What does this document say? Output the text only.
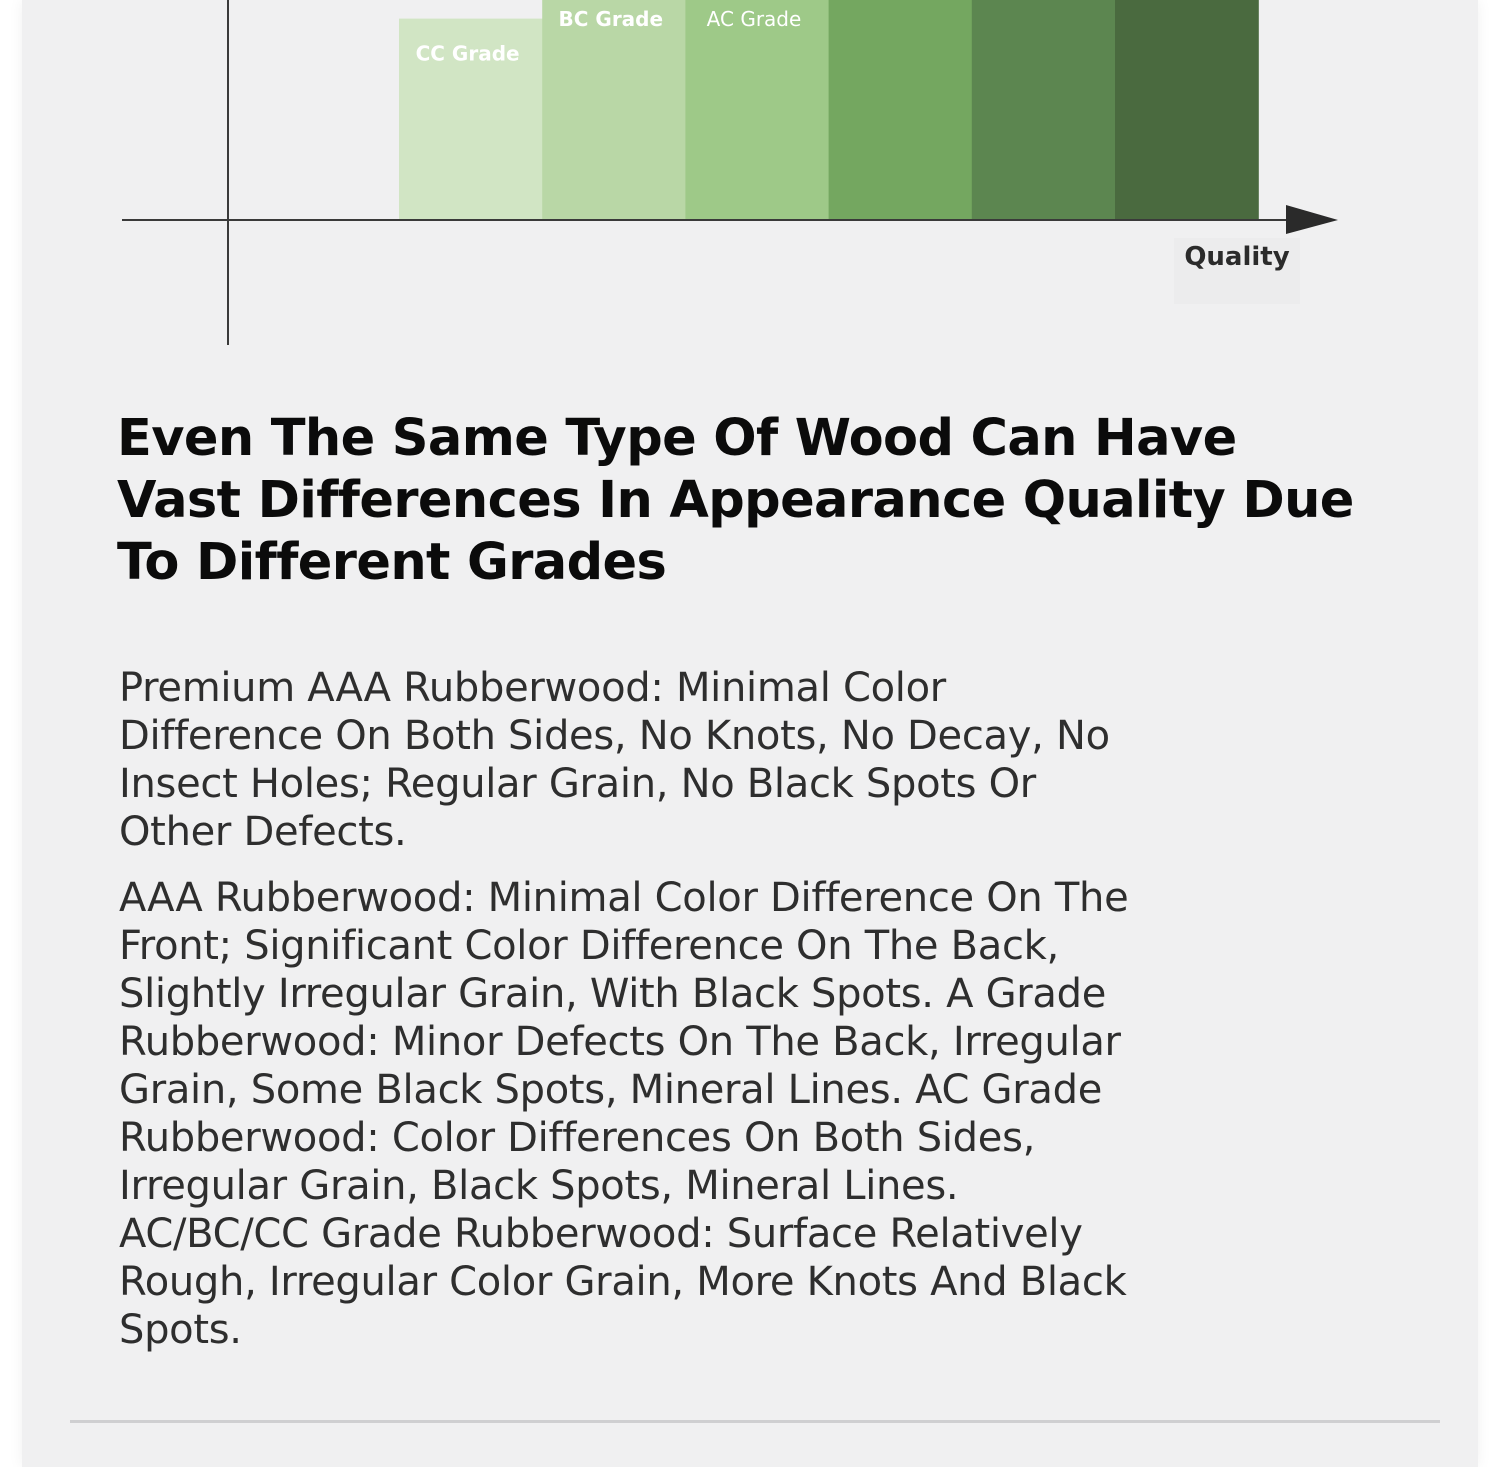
CC Grade
BC Grade AC Grade
Quality
Even The Same Type Of Wood Can Have Vast Differences In Appearance Quality Due To Different Grades

Premium AAA Rubberwood: Minimal Color Difference On Both Sides, No Knots, No Decay, No Insect Holes; Regular Grain, No Black Spots Or Other Defects.

AAA Rubberwood: Minimal Color Difference On The Front; Significant Color Difference On The Back, Slightly Irregular Grain, With Black Spots. A Grade Rubberwood: Minor Defects On The Back, Irregular Grain, Some Black Spots, Mineral Lines. AC Grade Rubberwood: Color Differences On Both Sides, Irregular Grain, Black Spots, Mineral Lines. AC/BC/CC Grade Rubberwood: Surface Relatively Rough, Irregular Color Grain, More Knots And Black Spots.
